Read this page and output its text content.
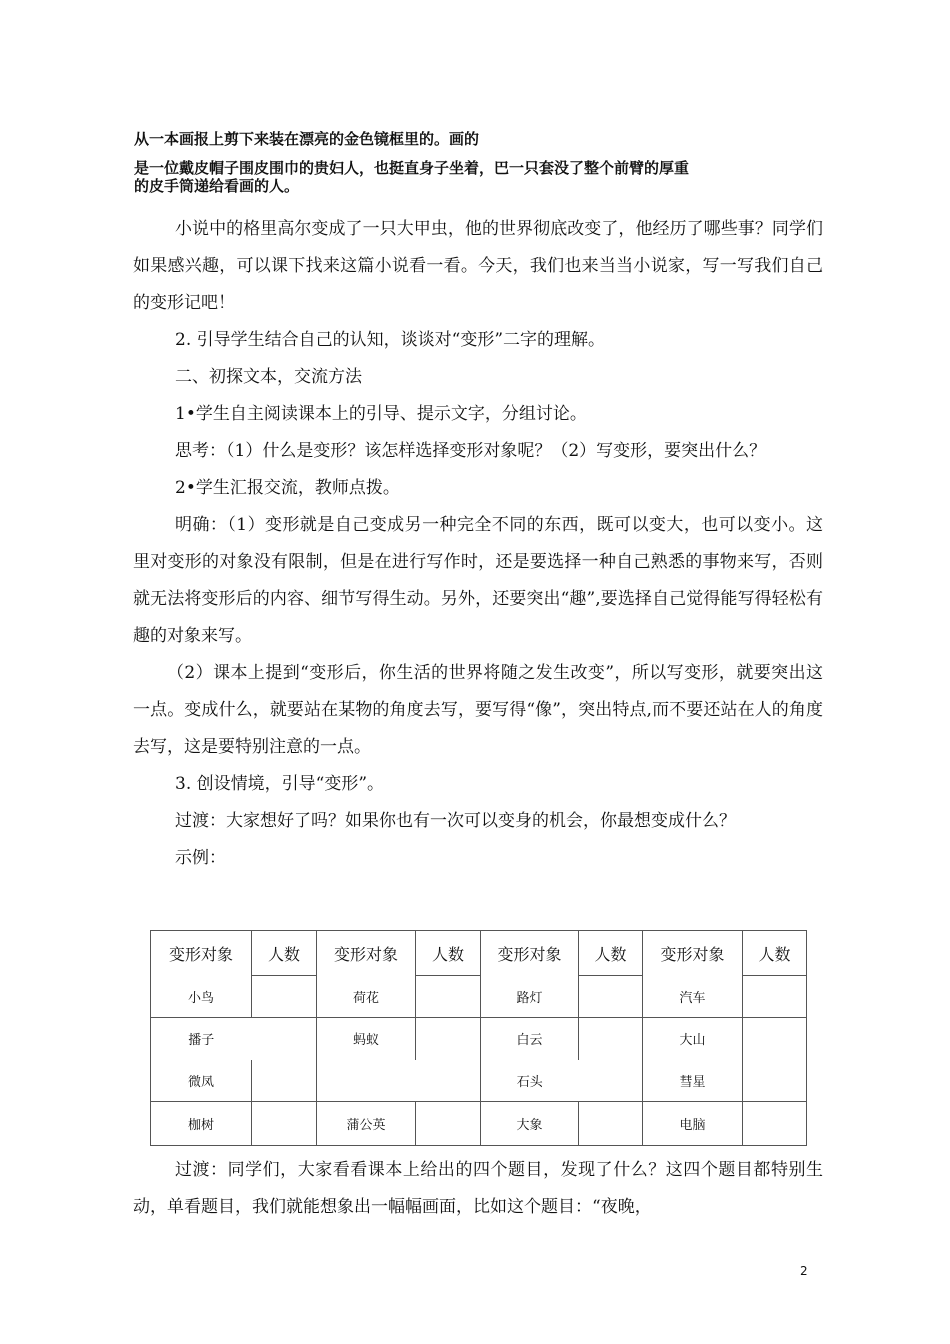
从一本画报上剪下来装在漂亮的金色镜框里的。画的
是一位戴皮帽子围皮围巾的贵妇人，也挺直身子坐着，巴一只套没了整个前臂的厚重
的皮手筒递给看画的人。

小说中的格里高尔变成了一只大甲虫，他的世界彻底改变了，他经历了哪些事？同学们如果感兴趣，可以课下找来这篇小说看一看。今天，我们也来当当小说家，写一写我们自己的变形记吧！

2. 引导学生结合自己的认知，谈谈对“变形”二字的理解。

二、初探文本，交流方法

1•学生自主阅读课本上的引导、提示文字，分组讨论。

思考：（1）什么是变形？该怎样选择变形对象呢？（2）写变形，要突出什么？

2•学生汇报交流，教师点拨。

明确：（1）变形就是自己变成另一种完全不同的东西，既可以变大，也可以变小。这里对变形的对象没有限制，但是在进行写作时，还是要选择一种自己熟悉的事物来写，否则就无法将变形后的内容、细节写得生动。另外，还要突出“趣”,要选择自己觉得能写得轻松有趣的对象来写。

（2）课本上提到“变形后，你生活的世界将随之发生改变”，所以写变形，就要突出这一点。变成什么，就要站在某物的角度去写，要写得“像”，突出特点,而不要还站在人的角度去写，这是要特别注意的一点。

3. 创设情境，引导“变形”。

过渡：大家想好了吗？如果你也有一次可以变身的机会，你最想变成什么？

示例：

变形对象	人数	变形对象	人数	变形对象	人数	变形对象	人数
小鸟		荷花		路灯		汽车	
播子		蚂蚁		白云		大山	
微凤				石头		彗星	
枷树		蒲公英		大象		电脑	

过渡：同学们，大家看看课本上给出的四个题目，发现了什么？这四个题目都特别生动，单看题目，我们就能想象出一幅幅画面，比如这个题目：“夜晚，

2
